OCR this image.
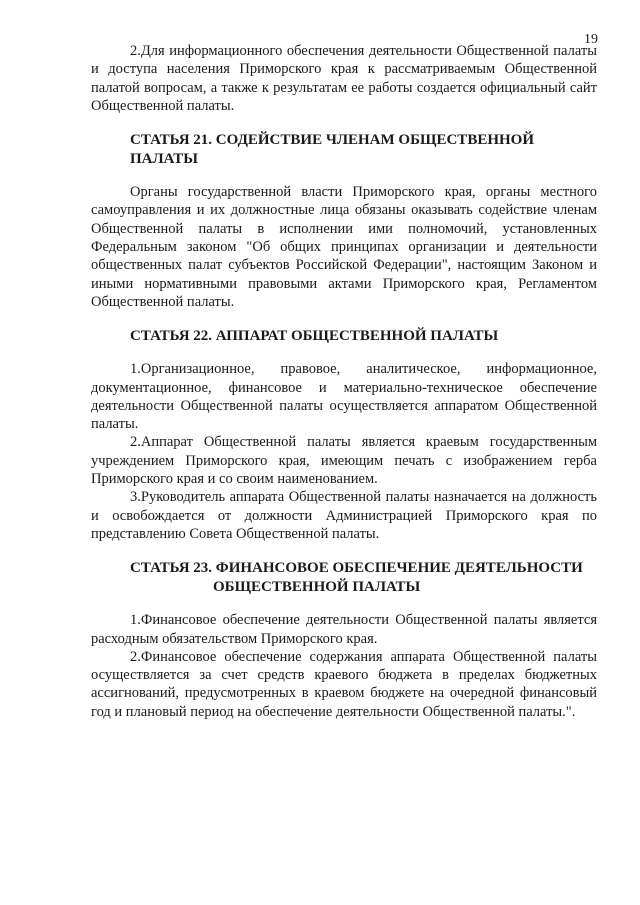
19

2.Для информационного обеспечения деятельности Общественной палаты и доступа населения Приморского края к рассматриваемым Общественной палатой вопросам, а также к результатам ее работы создается официальный сайт Общественной палаты.

СТАТЬЯ 21. СОДЕЙСТВИЕ ЧЛЕНАМ ОБЩЕСТВЕННОЙ ПАЛАТЫ

Органы государственной власти Приморского края, органы местного самоуправления и их должностные лица обязаны оказывать содействие членам Общественной палаты в исполнении ими полномочий, установленных Федеральным законом "Об общих принципах организации и деятельности общественных палат субъектов Российской Федерации", настоящим Законом и иными нормативными правовыми актами Приморского края, Регламентом Общественной палаты.

СТАТЬЯ 22. АППАРАТ ОБЩЕСТВЕННОЙ ПАЛАТЫ

1.Организационное, правовое, аналитическое, информационное, документационное, финансовое и материально-техническое обеспечение деятельности Общественной палаты осуществляется аппаратом Общественной палаты.

2.Аппарат Общественной палаты является краевым государственным учреждением Приморского края, имеющим печать с изображением герба Приморского края и со своим наименованием.

3.Руководитель аппарата Общественной палаты назначается на должность и освобождается от должности Администрацией Приморского края по представлению Совета Общественной палаты.

СТАТЬЯ 23. ФИНАНСОВОЕ ОБЕСПЕЧЕНИЕ ДЕЯТЕЛЬНОСТИ
ОБЩЕСТВЕННОЙ ПАЛАТЫ

1.Финансовое обеспечение деятельности Общественной палаты является расходным обязательством Приморского края.

2.Финансовое обеспечение содержания аппарата Общественной палаты осуществляется за счет средств краевого бюджета в пределах бюджетных ассигнований, предусмотренных в краевом бюджете на очередной финансовый год и плановый период на обеспечение деятельности Общественной палаты.".
